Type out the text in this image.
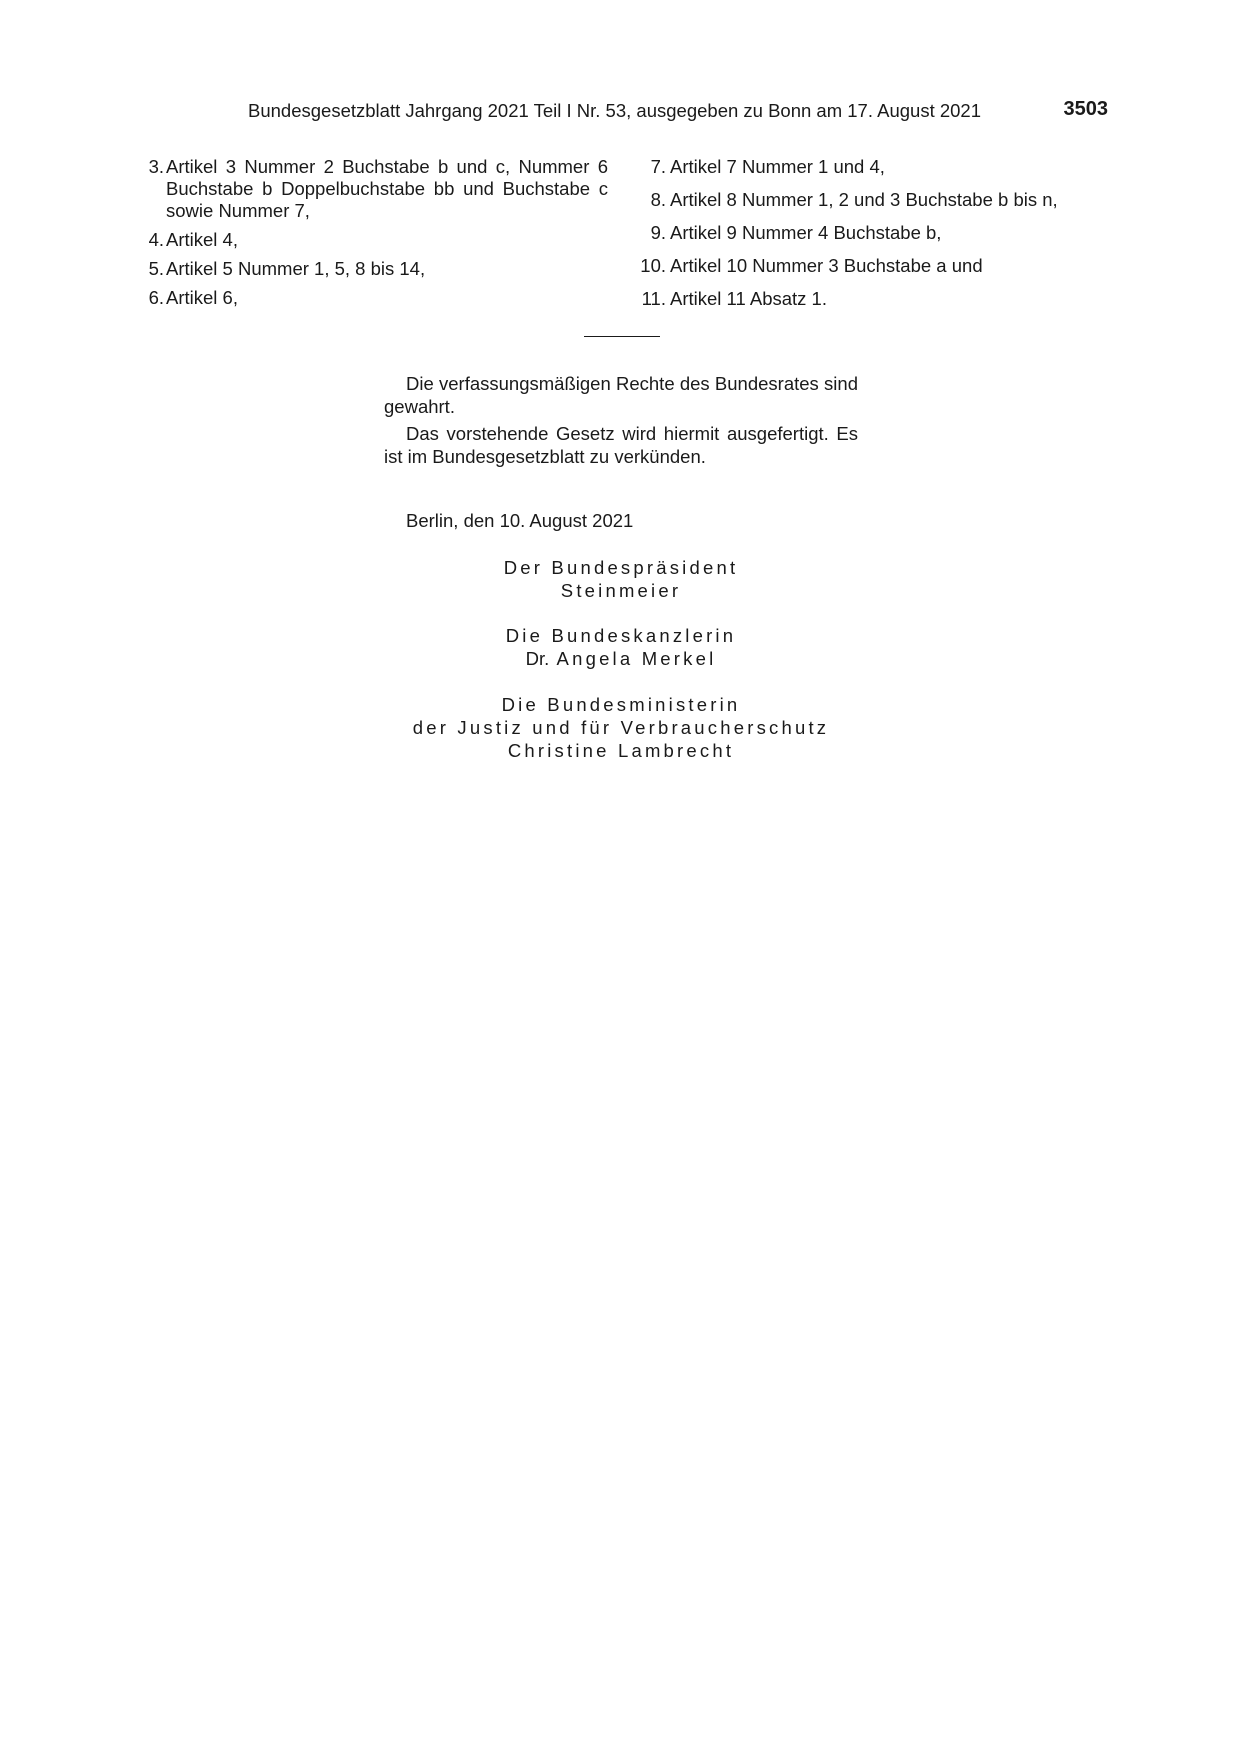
Bundesgesetzblatt Jahrgang 2021 Teil I Nr. 53, ausgegeben zu Bonn am 17. August 2021	3503
3. Artikel 3 Nummer 2 Buchstabe b und c, Nummer 6 Buchstabe b Doppelbuchstabe bb und Buchstabe c sowie Nummer 7,
4. Artikel 4,
5. Artikel 5 Nummer 1, 5, 8 bis 14,
6. Artikel 6,
7. Artikel 7 Nummer 1 und 4,
8. Artikel 8 Nummer 1, 2 und 3 Buchstabe b bis n,
9. Artikel 9 Nummer 4 Buchstabe b,
10. Artikel 10 Nummer 3 Buchstabe a und
11. Artikel 11 Absatz 1.

Die verfassungsmäßigen Rechte des Bundesrates sind gewahrt.

Das vorstehende Gesetz wird hiermit ausgefertigt. Es ist im Bundesgesetzblatt zu verkünden.

Berlin, den 10. August 2021
Der Bundespräsident
Steinmeier
Die Bundeskanzlerin
Dr. Angela Merkel
Die Bundesministerin
der Justiz und für Verbraucherschutz
Christine Lambrecht
